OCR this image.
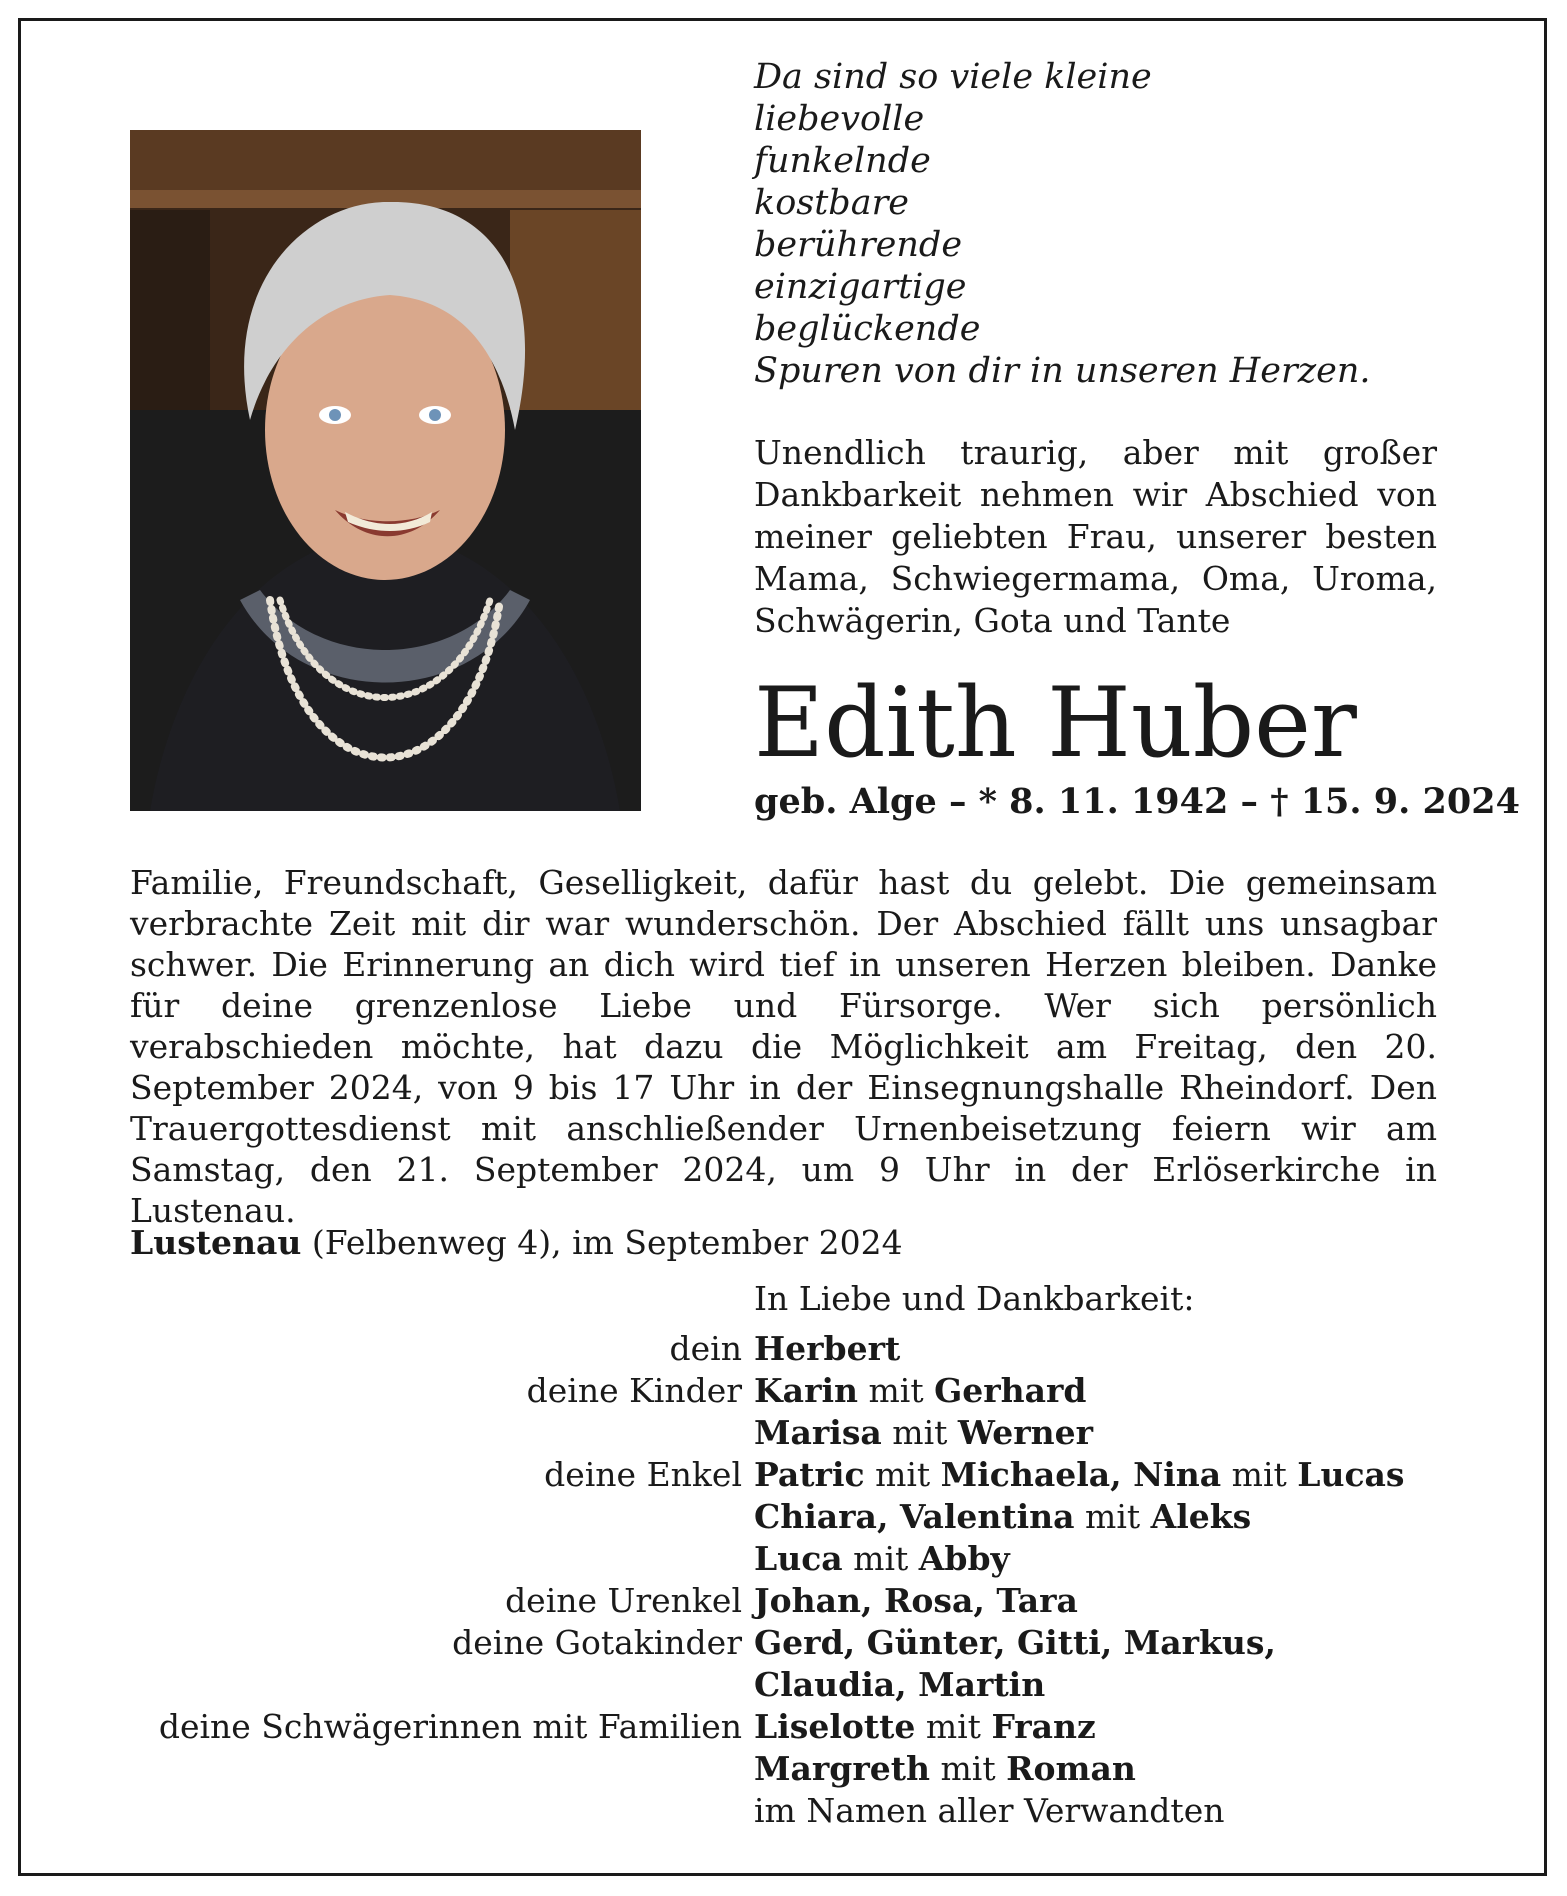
Da sind so viele kleine
liebevolle
funkelnde
kostbare
berührende
einzigartige
beglückende
Spuren von dir in unseren Herzen.
Unendlich traurig, aber mit großer Dankbarkeit nehmen wir Abschied von meiner geliebten Frau, unserer besten Mama, Schwiegermama, Oma, Uroma, Schwägerin, Gota und Tante
Edith Huber
geb. Alge – * 8. 11. 1942 – † 15. 9. 2024

Familie, Freundschaft, Geselligkeit, dafür hast du gelebt. Die gemeinsam verbrachte Zeit mit dir war wunderschön. Der Abschied fällt uns unsagbar schwer. Die Erinnerung an dich wird tief in unseren Herzen bleiben. Danke für deine grenzenlose Liebe und Fürsorge. Wer sich persönlich verabschieden möchte, hat dazu die Möglichkeit am Freitag, den 20. September 2024, von 9 bis 17 Uhr in der Einsegnungshalle Rheindorf. Den Trauergottesdienst mit anschließender Urnenbeisetzung feiern wir am Samstag, den 21. September 2024, um 9 Uhr in der Erlöserkirche in Lustenau.

Lustenau (Felbenweg 4), im September 2024
In Liebe und Dankbarkeit:
dein Herbert
deine Kinder Karin mit Gerhard
Marisa mit Werner
deine Enkel Patric mit Michaela, Nina mit Lucas
Chiara, Valentina mit Aleks
Luca mit Abby
deine Urenkel Johan, Rosa, Tara
deine Gotakinder Gerd, Günter, Gitti, Markus,
Claudia, Martin
deine Schwägerinnen mit Familien Liselotte mit Franz
Margreth mit Roman
im Namen aller Verwandten
